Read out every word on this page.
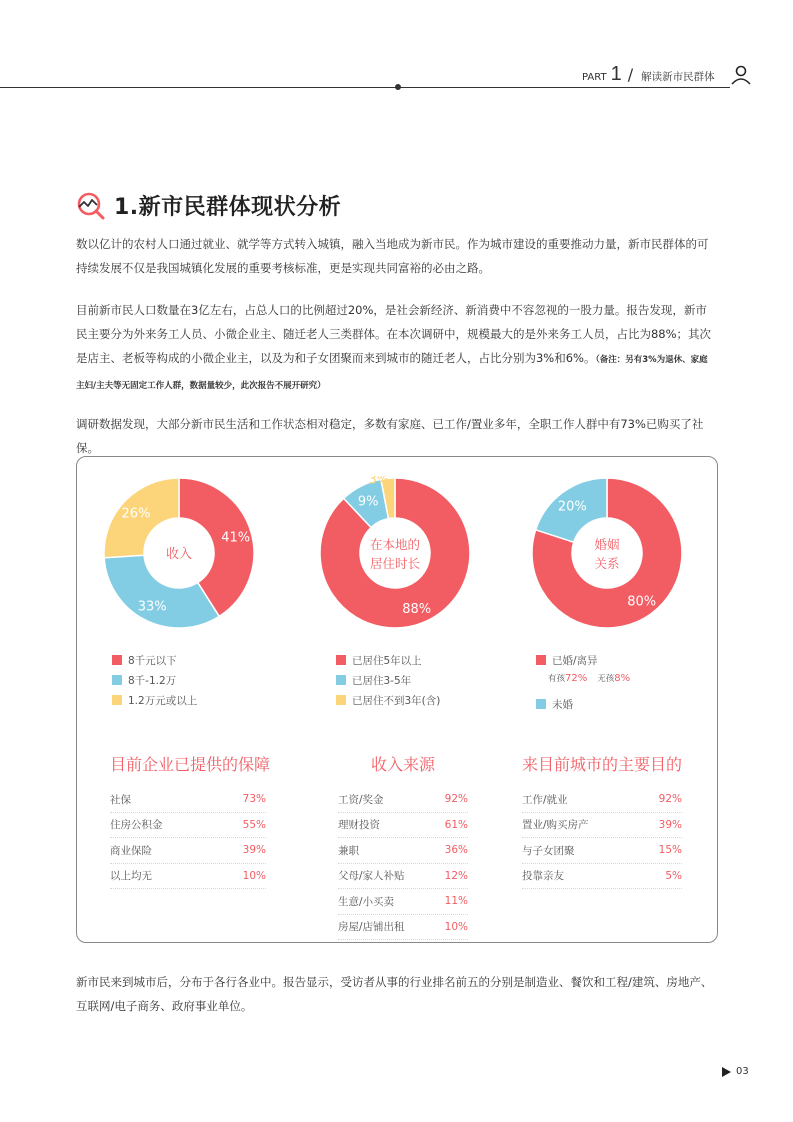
PART 1 / 解读新市民群体
1.新市民群体现状分析

数以亿计的农村人口通过就业、就学等方式转入城镇，融入当地成为新市民。作为城市建设的重要推动力量，新市民群体的可持续发展不仅是我国城镇化发展的重要考核标准，更是实现共同富裕的必由之路。

目前新市民人口数量在3亿左右，占总人口的比例超过20%，是社会新经济、新消费中不容忽视的一股力量。报告发现，新市民主要分为外来务工人员、小微企业主、随迁老人三类群体。在本次调研中，规模最大的是外来务工人员，占比为88%；其次是店主、老板等构成的小微企业主，以及为和子女团聚而来到城市的随迁老人，占比分别为3%和6%。（备注：另有3%为退休、家庭主妇/主夫等无固定工作人群，数据量较少，此次报告不展开研究）

调研数据发现，大部分新市民生活和工作状态相对稳定，多数有家庭、已工作/置业多年，全职工作人群中有73%已购买了社保。

41%
33%
26%
收入
88%
9%
3%
在本地的
居住时长
80%
20%
婚姻
关系
8千元以下
8千-1.2万
1.2万元或以上
已居住5年以上
已居住3-5年
已居住不到3年(含)
已婚/离异
有孩72% 无孩8%
未婚
目前企业已提供的保障
社保	73%
住房公积金	55%
商业保险	39%
以上均无	10%
收入来源
工资/奖金	92%
理财投资	61%
兼职	36%
父母/家人补贴	12%
生意/小买卖	11%
房屋/店铺出租	10%
来目前城市的主要目的
工作/就业	92%
置业/购买房产	39%
与子女团聚	15%
投靠亲友	5%

新市民来到城市后，分布于各行各业中。报告显示，受访者从事的行业排名前五的分别是制造业、餐饮和工程/建筑、房地产、互联网/电子商务、政府事业单位。

03
